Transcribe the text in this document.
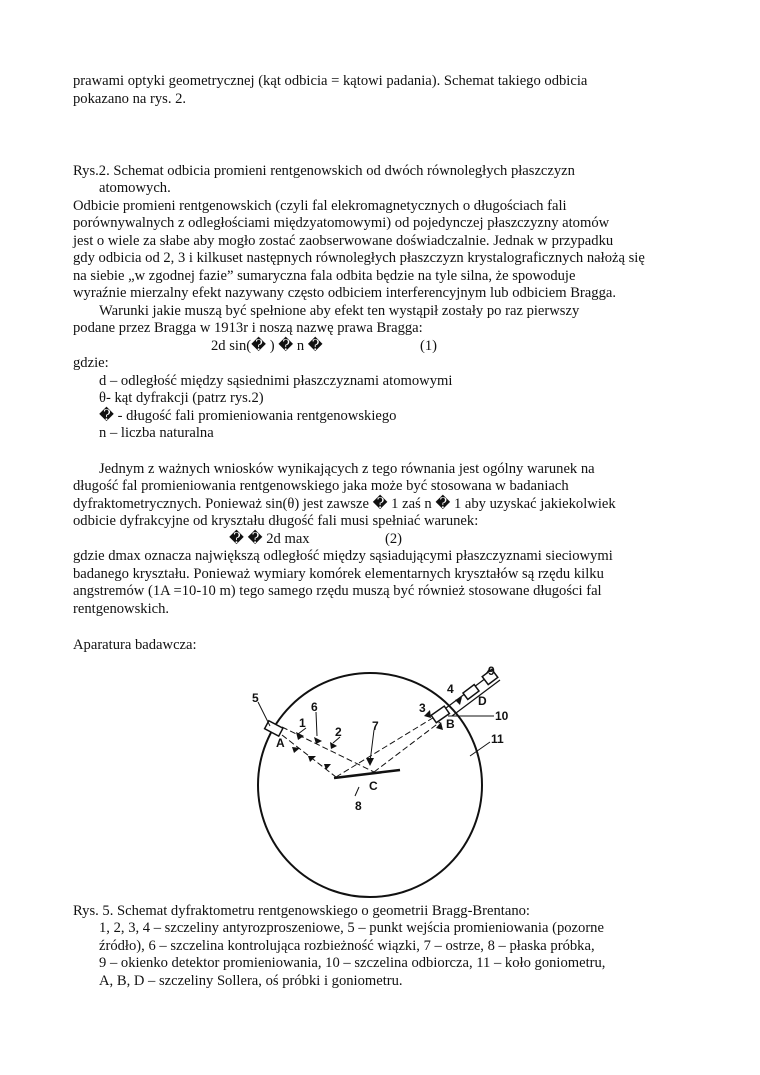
prawami optyki geometrycznej (kąt odbicia = kątowi padania). Schemat takiego odbicia
pokazano na rys. 2.
Rys.2. Schemat odbicia promieni rentgenowskich od dwóch równoległych płaszczyzn
atomowych.
Odbicie promieni rentgenowskich (czyli fal elekromagnetycznych o długościach fali
porównywalnych z odległościami międzyatomowymi) od pojedynczej płaszczyzny atomów
jest o wiele za słabe aby mogło zostać zaobserwowane doświadczalnie. Jednak w przypadku
gdy odbicia od 2, 3 i kilkuset następnych równoległych płaszczyzn krystalograficznych nałożą się
na siebie „w zgodnej fazie” sumaryczna fala odbita będzie na tyle silna, że spowoduje
wyraźnie mierzalny efekt nazywany często odbiciem interferencyjnym lub odbiciem Bragga.
Warunki jakie muszą być spełnione aby efekt ten wystąpił zostały po raz pierwszy
podane przez Bragga w 1913r i noszą nazwę prawa Bragga:
2d sin(� ) � n �	(1)
gdzie:
d – odległość między sąsiednimi płaszczyznami atomowymi
θ- kąt dyfrakcji (patrz rys.2)
� - długość fali promieniowania rentgenowskiego
n – liczba naturalna
Jednym z ważnych wniosków wynikających z tego równania jest ogólny warunek na
długość fal promieniowania rentgenowskiego jaka może być stosowana w badaniach
dyfraktometrycznych. Ponieważ sin(θ) jest zawsze � 1 zaś n � 1 aby uzyskać jakiekolwiek
odbicie dyfrakcyjne od kryształu długość fali musi spełniać warunek:
� � 2d max	(2)
gdzie dmax oznacza największą odległość między sąsiadującymi płaszczyznami sieciowymi
badanego kryształu. Ponieważ wymiary komórek elementarnych kryształów są rzędu kilku
angstremów (1A =10-10 m) tego samego rzędu muszą być również stosowane długości fal
rentgenowskich.
Aparatura badawcza:
5
1
6
2	7
3
4
9
10
11
8
A
B
C
D
Rys. 5. Schemat dyfraktometru rentgenowskiego o geometrii Bragg-Brentano:
1, 2, 3, 4 – szczeliny antyrozproszeniowe, 5 – punkt wejścia promieniowania (pozorne
źródło), 6 – szczelina kontrolująca rozbieżność wiązki, 7 – ostrze, 8 – płaska próbka,
9 – okienko detektor promieniowania, 10 – szczelina odbiorcza, 11 – koło goniometru,
A, B, D – szczeliny Sollera, oś próbki i goniometru.
